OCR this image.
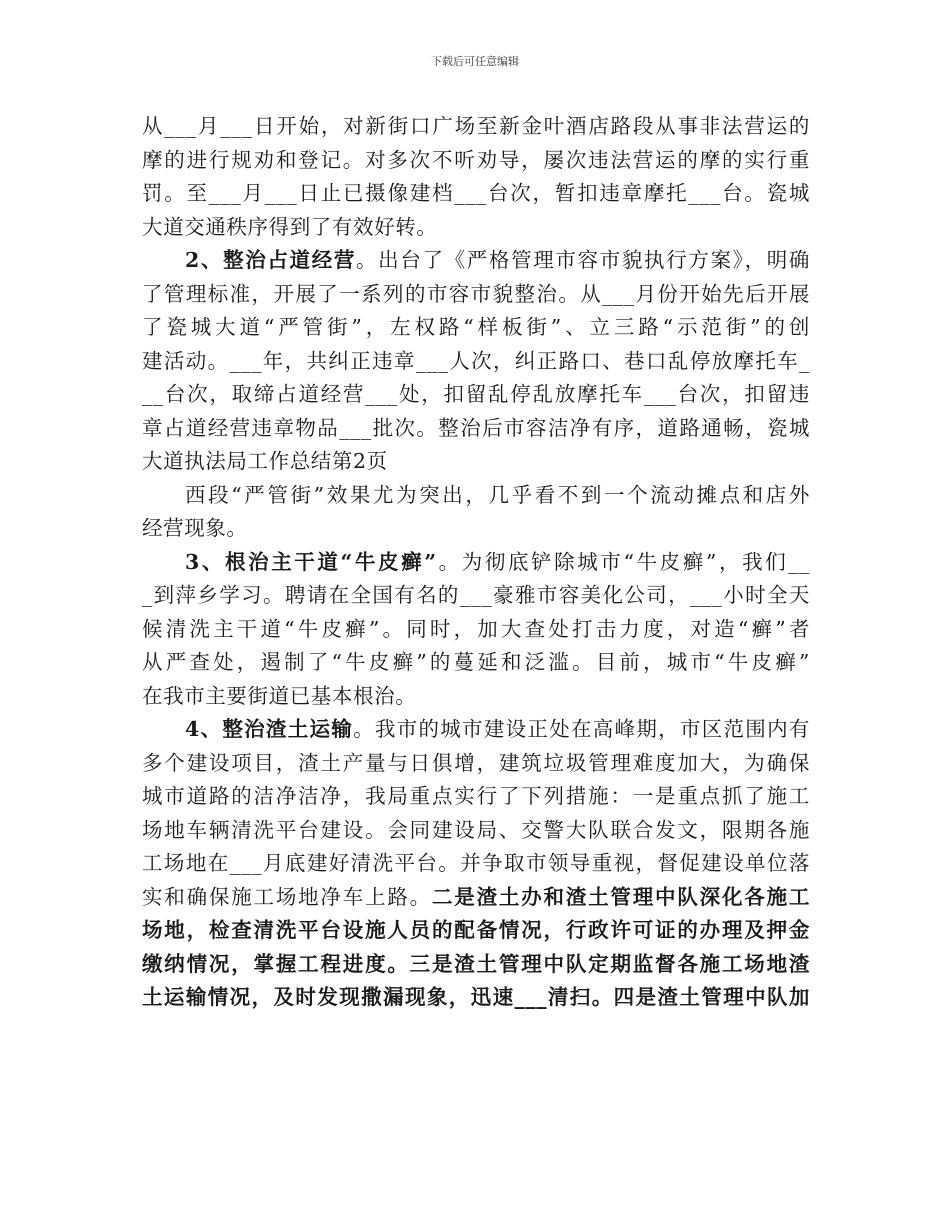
下载后可任意编辑
从___月___日开始，对新街口广场至新金叶酒店路段从事非法营运的
摩的进行规劝和登记。对多次不听劝导，屡次违法营运的摩的实行重
罚。至___月___日止已摄像建档___台次，暂扣违章摩托___台。瓷城
大道交通秩序得到了有效好转。
2、整治占道经营。出台了《严格管理市容市貌执行方案》，明确
了管理标准，开展了一系列的市容市貌整治。从___月份开始先后开展
了瓷城大道“严管街”，左权路“样板街”、立三路“示范街”的创
建活动。___年，共纠正违章___人次，纠正路口、巷口乱停放摩托车_
__台次，取缔占道经营___处，扣留乱停乱放摩托车___台次，扣留违
章占道经营违章物品___批次。整治后市容洁净有序，道路通畅，瓷城
大道执法局工作总结第2页
西段“严管街”效果尤为突出，几乎看不到一个流动摊点和店外
经营现象。
3、根治主干道“牛皮癣”。为彻底铲除城市“牛皮癣”，我们__
_到萍乡学习。聘请在全国有名的___豪雅市容美化公司，___小时全天
候清洗主干道“牛皮癣”。同时，加大查处打击力度，对造“癣”者
从严查处，遏制了“牛皮癣”的蔓延和泛滥。目前，城市“牛皮癣”
在我市主要街道已基本根治。
4、整治渣土运输。我市的城市建设正处在高峰期，市区范围内有
多个建设项目，渣土产量与日俱增，建筑垃圾管理难度加大，为确保
城市道路的洁净洁净，我局重点实行了下列措施：一是重点抓了施工
场地车辆清洗平台建设。会同建设局、交警大队联合发文，限期各施
工场地在___月底建好清洗平台。并争取市领导重视，督促建设单位落
实和确保施工场地净车上路。二是渣土办和渣土管理中队深化各施工
场地，检查清洗平台设施人员的配备情况，行政许可证的办理及押金
缴纳情况，掌握工程进度。三是渣土管理中队定期监督各施工场地渣
土运输情况，及时发现撒漏现象，迅速___清扫。四是渣土管理中队加
